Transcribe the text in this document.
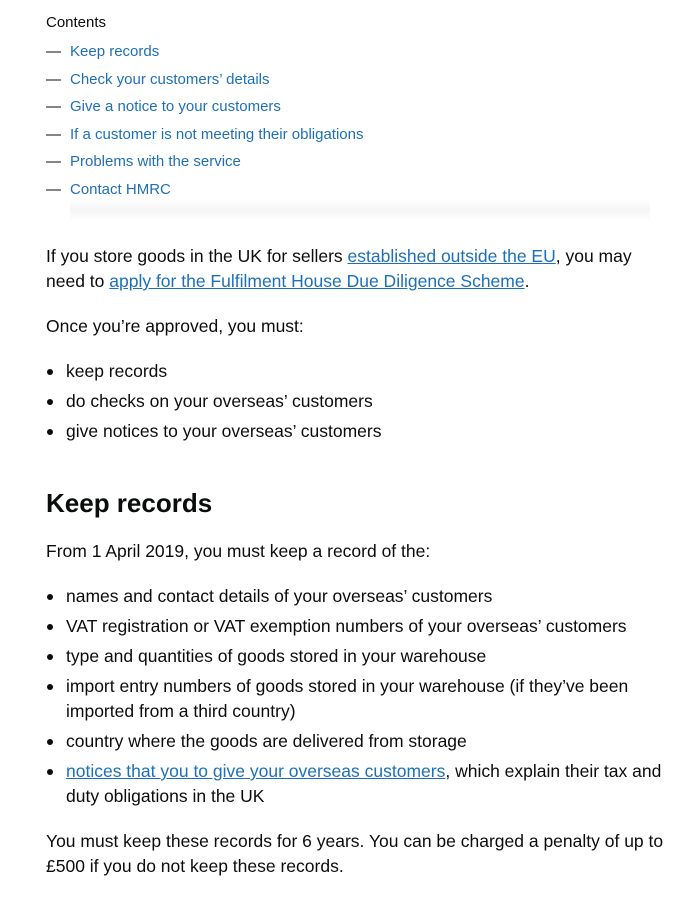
Contents
— Keep records
— Check your customers’ details
— Give a notice to your customers
— If a customer is not meeting their obligations
— Problems with the service
— Contact HMRC

If you store goods in the UK for sellers established outside the EU, you may need to apply for the Fulfilment House Due Diligence Scheme.

Once you’re approved, you must:

keep records
do checks on your overseas’ customers
give notices to your overseas’ customers
Keep records

From 1 April 2019, you must keep a record of the:

names and contact details of your overseas’ customers
VAT registration or VAT exemption numbers of your overseas’ customers
type and quantities of goods stored in your warehouse
import entry numbers of goods stored in your warehouse (if they’ve been imported from a third country)
country where the goods are delivered from storage
notices that you to give your overseas customers, which explain their tax and duty obligations in the UK

You must keep these records for 6 years. You can be charged a penalty of up to £500 if you do not keep these records.
